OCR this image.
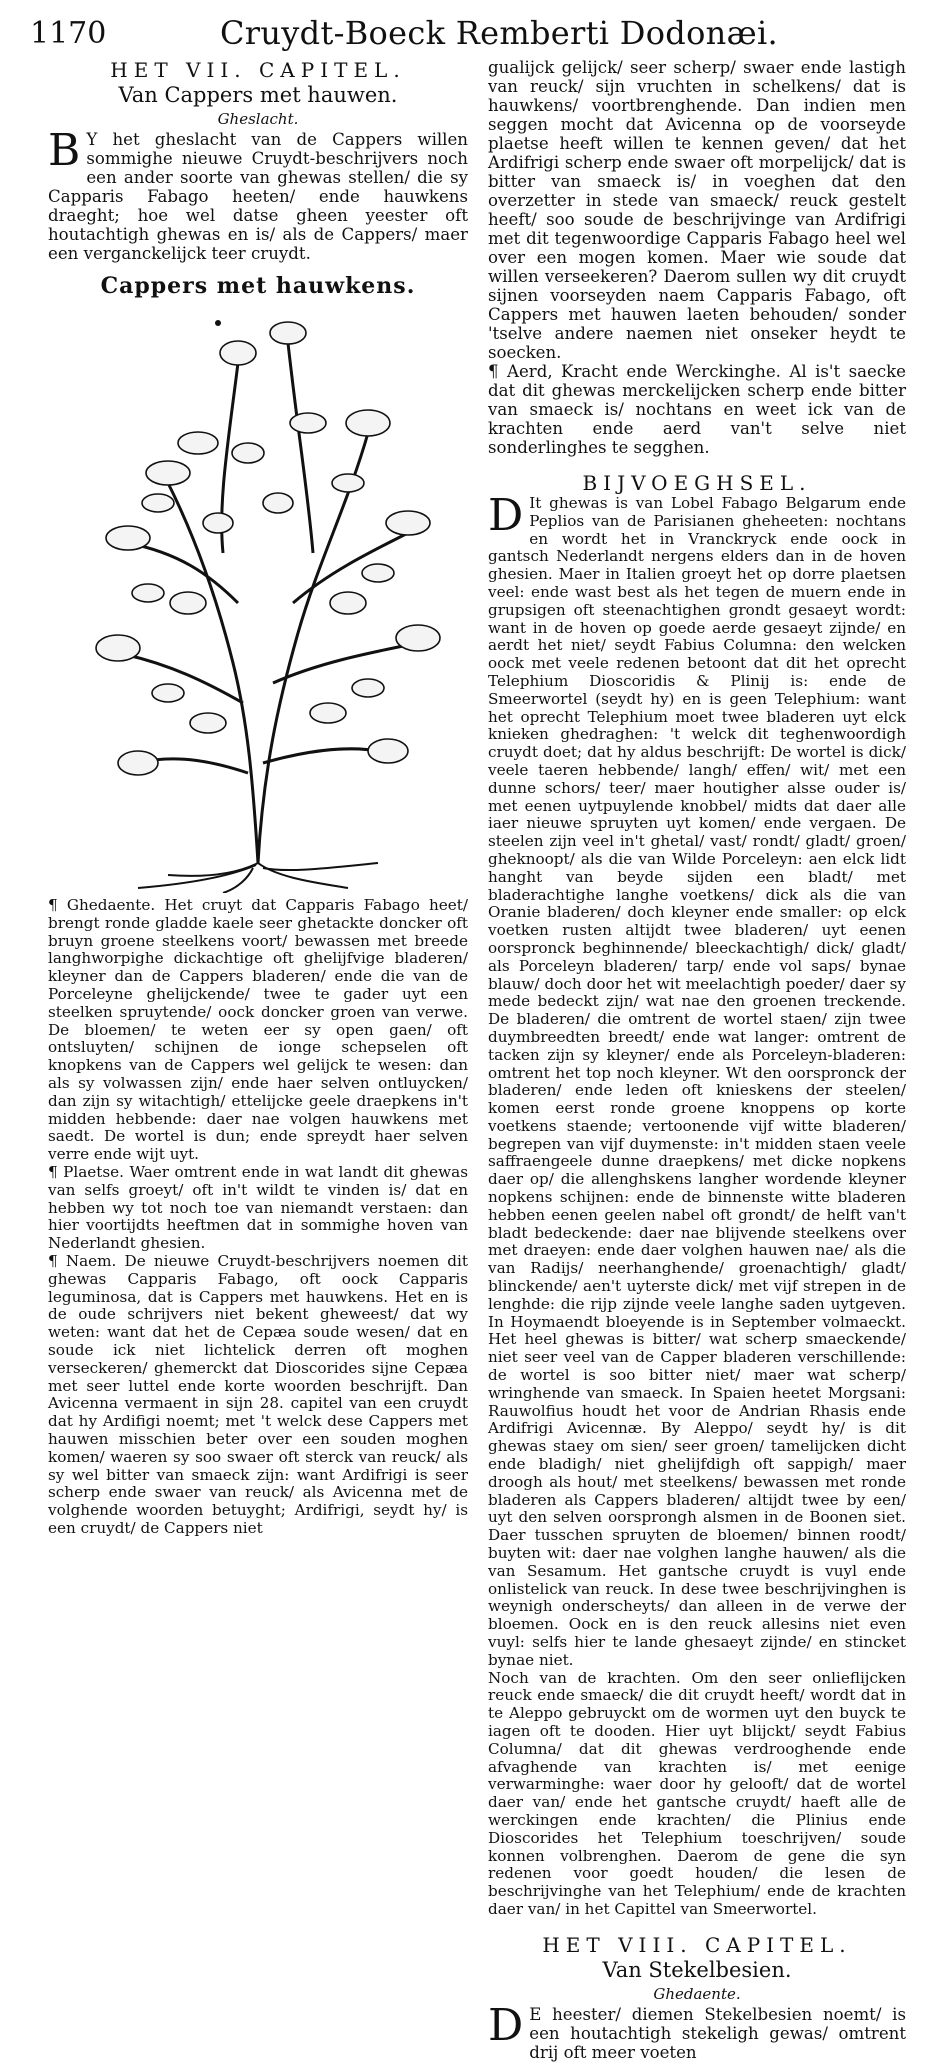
1170	Cruydt-Boeck Remberti Dodonæi.

HET VII. CAPITEL.

Van Cappers met hauwen.

Gheslacht.

B Y het gheslacht van de Cappers willen sommighe nieuwe Cruydt-beschrijvers noch een ander soorte van ghewas stellen/ die sy Capparis Fabago heeten/ ende hauwkens draeght; hoe wel datse gheen yeester oft houtachtigh ghewas en is/ als de Cappers/ maer een verganckelijck teer cruydt.

Cappers met hauwkens.

¶ Ghedaente. Het cruyt dat Capparis Fabago heet/ brengt ronde gladde kaele seer ghetackte doncker oft bruyn groene steelkens voort/ bewassen met breede langhworpighe dickachtige oft ghelijfvige bladeren/ kleyner dan de Cappers bladeren/ ende die van de Porceleyne ghelijckende/ twee te gader uyt een steelken spruytende/ oock doncker groen van verwe. De bloemen/ te weten eer sy open gaen/ oft ontsluyten/ schijnen de ionge schepselen oft knopkens van de Cappers wel gelijck te wesen: dan als sy volwassen zijn/ ende haer selven ontluycken/ dan zijn sy witachtigh/ ettelijcke geele draepkens in't midden hebbende: daer nae volgen hauwkens met saedt. De wortel is dun; ende spreydt haer selven verre ende wijt uyt.

¶ Plaetse. Waer omtrent ende in wat landt dit ghewas van selfs groeyt/ oft in't wildt te vinden is/ dat en hebben wy tot noch toe van niemandt verstaen: dan hier voortijdts heeftmen dat in sommighe hoven van Nederlandt ghesien.

¶ Naem. De nieuwe Cruydt-beschrijvers noemen dit ghewas Capparis Fabago, oft oock Capparis leguminosa, dat is Cappers met hauwkens. Het en is de oude schrijvers niet bekent gheweest/ dat wy weten: want dat het de Cepæa soude wesen/ dat en soude ick niet lichtelick derren oft moghen verseckeren/ ghemerckt dat Dioscorides sijne Cepæa met seer luttel ende korte woorden beschrijft. Dan Avicenna vermaent in sijn 28. capitel van een cruydt dat hy Ardifigi noemt; met 't welck dese Cappers met hauwen misschien beter over een souden moghen komen/ waeren sy soo swaer oft sterck van reuck/ als sy wel bitter van smaeck zijn: want Ardifrigi is seer scherp ende swaer van reuck/ als Avicenna met de volghende woorden betuyght; Ardifrigi, seydt hy/ is een cruydt/ de Cappers niet

gualijck gelijck/ seer scherp/ swaer ende lastigh van reuck/ sijn vruchten in schelkens/ dat is hauwkens/ voortbrenghende. Dan indien men seggen mocht dat Avicenna op de voorseyde plaetse heeft willen te kennen geven/ dat het Ardifrigi scherp ende swaer oft morpelijck/ dat is bitter van smaeck is/ in voeghen dat den overzetter in stede van smaeck/ reuck gestelt heeft/ soo soude de beschrijvinge van Ardifrigi met dit tegenwoordige Capparis Fabago heel wel over een mogen komen. Maer wie soude dat willen verseekeren? Daerom sullen wy dit cruydt sijnen voorseyden naem Capparis Fabago, oft Cappers met hauwen laeten behouden/ sonder 'tselve andere naemen niet onseker heydt te soecken.

¶ Aerd, Kracht ende Werckinghe. Al is't saecke dat dit ghewas merckelijcken scherp ende bitter van smaeck is/ nochtans en weet ick van de krachten ende aerd van't selve niet sonderlinghes te segghen.

BIJVOEGHSEL.

D It ghewas is van Lobel Fabago Belgarum ende Peplios van de Parisianen gheheeten: nochtans en wordt het in Vranckryck ende oock in gantsch Nederlandt nergens elders dan in de hoven ghesien. Maer in Italien groeyt het op dorre plaetsen veel: ende wast best als het tegen de muern ende in grupsigen oft steenachtighen grondt gesaeyt wordt: want in de hoven op goede aerde gesaeyt zijnde/ en aerdt het niet/ seydt Fabius Columna: den welcken oock met veele redenen betoont dat dit het oprecht Telephium Dioscoridis & Plinij is: ende de Smeerwortel (seydt hy) en is geen Telephium: want het oprecht Telephium moet twee bladeren uyt elck knieken ghedraghen: 't welck dit teghenwoordigh cruydt doet; dat hy aldus beschrijft: De wortel is dick/ veele taeren hebbende/ langh/ effen/ wit/ met een dunne schors/ teer/ maer houtigher alsse ouder is/ met eenen uytpuylende knobbel/ midts dat daer alle iaer nieuwe spruyten uyt komen/ ende vergaen. De steelen zijn veel in't ghetal/ vast/ rondt/ gladt/ groen/ gheknoopt/ als die van Wilde Porceleyn: aen elck lidt hanght van beyde sijden een bladt/ met bladerachtighe langhe voetkens/ dick als die van Oranie bladeren/ doch kleyner ende smaller: op elck voetken rusten altijdt twee bladeren/ uyt eenen oorspronck beghinnende/ bleeckachtigh/ dick/ gladt/ als Porceleyn bladeren/ tarp/ ende vol saps/ bynae blauw/ doch door het wit meelachtigh poeder/ daer sy mede bedeckt zijn/ wat nae den groenen treckende. De bladeren/ die omtrent de wortel staen/ zijn twee duymbreedten breedt/ ende wat langer: omtrent de tacken zijn sy kleyner/ ende als Porceleyn-bladeren: omtrent het top noch kleyner. Wt den oorspronck der bladeren/ ende leden oft knieskens der steelen/ komen eerst ronde groene knoppens op korte voetkens staende; vertoonende vijf witte bladeren/ begrepen van vijf duymenste: in't midden staen veele saffraengeele dunne draepkens/ met dicke nopkens daer op/ die allenghskens langher wordende kleyner nopkens schijnen: ende de binnenste witte bladeren hebben eenen geelen nabel oft grondt/ de helft van't bladt bedeckende: daer nae blijvende steelkens over met draeyen: ende daer volghen hauwen nae/ als die van Radijs/ neerhanghende/ groenachtigh/ gladt/ blinckende/ aen't uyterste dick/ met vijf strepen in de lenghde: die rijp zijnde veele langhe saden uytgeven. In Hoymaendt bloeyende is in September volmaeckt. Het heel ghewas is bitter/ wat scherp smaeckende/ niet seer veel van de Capper bladeren verschillende: de wortel is soo bitter niet/ maer wat scherp/ wringhende van smaeck. In Spaien heetet Morgsani: Rauwolfius houdt het voor de Andrian Rhasis ende Ardifrigi Avicennæ. By Aleppo/ seydt hy/ is dit ghewas staey om sien/ seer groen/ tamelijcken dicht ende bladigh/ niet ghelijfdigh oft sappigh/ maer droogh als hout/ met steelkens/ bewassen met ronde bladeren als Cappers bladeren/ altijdt twee by een/ uyt den selven oorsprongh alsmen in de Boonen siet. Daer tusschen spruyten de bloemen/ binnen roodt/ buyten wit: daer nae volghen langhe hauwen/ als die van Sesamum. Het gantsche cruydt is vuyl ende onlistelick van reuck. In dese twee beschrijvinghen is weynigh onderscheyts/ dan alleen in de verwe der bloemen. Oock en is den reuck allesins niet even vuyl: selfs hier te lande ghesaeyt zijnde/ en stincket bynae niet.

Noch van de krachten. Om den seer onlieflijcken reuck ende smaeck/ die dit cruydt heeft/ wordt dat in te Aleppo gebruyckt om de wormen uyt den buyck te iagen oft te dooden. Hier uyt blijckt/ seydt Fabius Columna/ dat dit ghewas verdrooghende ende afvaghende van krachten is/ met eenige verwarminghe: waer door hy gelooft/ dat de wortel daer van/ ende het gantsche cruydt/ haeft alle de werckingen ende krachten/ die Plinius ende Dioscorides het Telephium toeschrijven/ soude konnen volbrenghen. Daerom de gene die syn redenen voor goedt houden/ die lesen de beschrijvinghe van het Telephium/ ende de krachten daer van/ in het Capittel van Smeerwortel.

HET VIII. CAPITEL.

Van Stekelbesien.

Ghedaente.

D E heester/ diemen Stekelbesien noemt/ is een houtachtigh stekeligh gewas/ omtrent drij oft meer voeten
